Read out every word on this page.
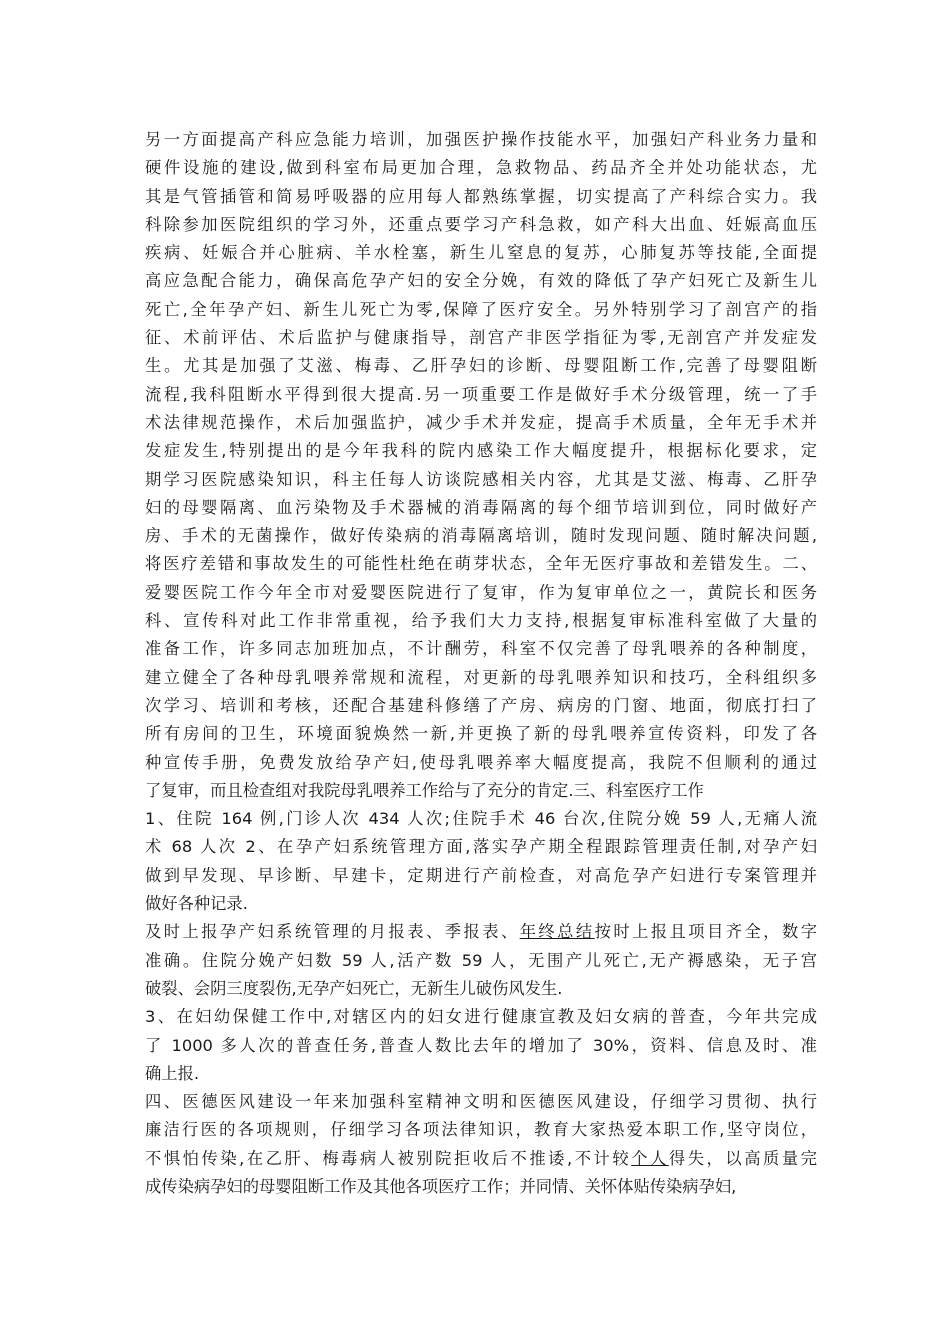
另一方面提高产科应急能力培训，加强医护操作技能水平，加强妇产科业务力量和
硬件设施的建设,做到科室布局更加合理，急救物品、药品齐全并处功能状态，尤
其是气管插管和简易呼吸器的应用每人都熟练掌握，切实提高了产科综合实力。我
科除参加医院组织的学习外，还重点要学习产科急救，如产科大出血、妊娠高血压
疾病、妊娠合并心脏病、羊水栓塞，新生儿窒息的复苏，心肺复苏等技能,全面提
高应急配合能力，确保高危孕产妇的安全分娩，有效的降低了孕产妇死亡及新生儿
死亡,全年孕产妇、新生儿死亡为零,保障了医疗安全。另外特别学习了剖宫产的指
征、术前评估、术后监护与健康指导，剖宫产非医学指征为零,无剖宫产并发症发
生。尤其是加强了艾滋、梅毒、乙肝孕妇的诊断、母婴阻断工作,完善了母婴阻断
流程,我科阻断水平得到很大提高.另一项重要工作是做好手术分级管理，统一了手
术法律规范操作，术后加强监护，减少手术并发症，提高手术质量，全年无手术并
发症发生,特别提出的是今年我科的院内感染工作大幅度提升，根据标化要求，定
期学习医院感染知识，科主任每人访谈院感相关内容，尤其是艾滋、梅毒、乙肝孕
妇的母婴隔离、血污染物及手术器械的消毒隔离的每个细节培训到位，同时做好产
房、手术的无菌操作，做好传染病的消毒隔离培训，随时发现问题、随时解决问题,
将医疗差错和事故发生的可能性杜绝在萌芽状态，全年无医疗事故和差错发生。二、
爱婴医院工作今年全市对爱婴医院进行了复审，作为复审单位之一，黄院长和医务
科、宣传科对此工作非常重视，给予我们大力支持,根据复审标准科室做了大量的
准备工作，许多同志加班加点，不计酬劳，科室不仅完善了母乳喂养的各种制度，
建立健全了各种母乳喂养常规和流程，对更新的母乳喂养知识和技巧，全科组织多
次学习、培训和考核，还配合基建科修缮了产房、病房的门窗、地面，彻底打扫了
所有房间的卫生，环境面貌焕然一新,并更换了新的母乳喂养宣传资料，印发了各
种宣传手册，免费发放给孕产妇,使母乳喂养率大幅度提高，我院不但顺利的通过
了复审，而且检查组对我院母乳喂养工作给与了充分的肯定.三、科室医疗工作
1、住院 164 例,门诊人次 434 人次;住院手术 46 台次,住院分娩 59 人,无痛人流
术 68 人次 2、在孕产妇系统管理方面,落实孕产期全程跟踪管理责任制,对孕产妇
做到早发现、早诊断、早建卡，定期进行产前检查，对高危孕产妇进行专案管理并
做好各种记录.

及时上报孕产妇系统管理的月报表、季报表、年终总结按时上报且项目齐全，数字
准确。住院分娩产妇数 59 人,活产数 59 人，无围产儿死亡,无产褥感染，无子宫
破裂、会阴三度裂伤,无孕产妇死亡，无新生儿破伤风发生.

3、在妇幼保健工作中,对辖区内的妇女进行健康宣教及妇女病的普查，今年共完成
了 1000 多人次的普查任务,普查人数比去年的增加了 30%，资料、信息及时、准
确上报.

四、医德医风建设一年来加强科室精神文明和医德医风建设，仔细学习贯彻、执行
廉洁行医的各项规则，仔细学习各项法律知识，教育大家热爱本职工作,坚守岗位，
不惧怕传染,在乙肝、梅毒病人被别院拒收后不推诿,不计较个人得失，以高质量完
成传染病孕妇的母婴阻断工作及其他各项医疗工作；并同情、关怀体贴传染病孕妇,
